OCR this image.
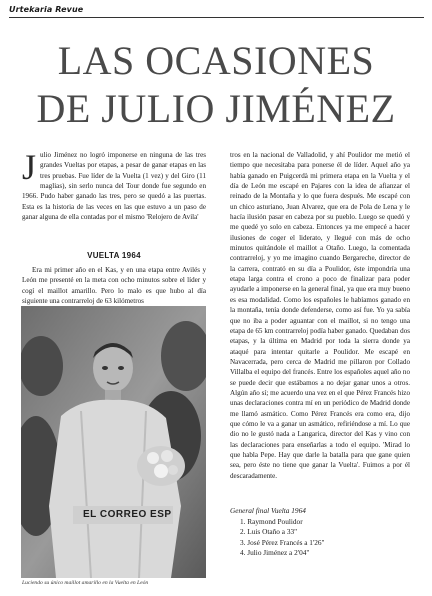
Urtekaria Revue
LAS OCASIONES
DE JULIO JIMÉNEZ
Julio Jiménez no logró imponerse en ninguna de las tres grandes Vueltas por etapas, a pesar de ganar etapas en las tres pruebas. Fue líder de la Vuelta (1 vez) y del Giro (11 maglias), sin serlo nunca del Tour donde fue segundo en 1966. Pudo haber ganado las tres, pero se quedó a las puertas. Esta es la historia de las veces en las que estuvo a un paso de ganar alguna de ella contadas por el mismo 'Relojero de Avila'
VUELTA 1964

Era mi primer año en el Kas, y en una etapa entre Avilés y León me presenté en la meta con ocho minutos sobre el líder y cogí el maillot amarillo. Pero lo malo es que hubo al día siguiente una contrarreloj de 63 kilómetros

EL CORREO ESP
Luciendo su único maillot amarillo en la Vuelta en León

tros en la nacional de Valladolid, y ahí Poulidor me metió el tiempo que necesitaba para ponerse él de líder. Aquel año ya había ganado en Puigcerdà mi primera etapa en la Vuelta y el día de León me escapé en Pajares con la idea de afianzar el reinado de la Montaña y lo que fuera después. Me escapé con un chico asturiano, Juan Alvarez, que era de Pola de Lena y le hacía ilusión pasar en cabeza por su pueblo. Luego se quedó y me quedé yo solo en cabeza. Entonces ya me empecé a hacer ilusiones de coger el liderato, y llegué con más de ocho minutos quitándole el maillot a Otaño. Luego, la comentada contrarreloj, y yo me imagino cuando Bergareche, director de la carrera, contrató en su día a Poulidor, éste impondría una etapa larga contra el crono a poco de finalizar para poder ayudarle a imponerse en la general final, ya que era muy bueno es esa modalidad. Como los españoles le habíamos ganado en la montaña, tenía donde defenderse, como así fue. Yo ya sabía que no iba a poder aguantar con el maillot, si no tengo una etapa de 65 km contrarreloj podía haber ganado. Quedaban dos etapas, y la última en Madrid por toda la sierra donde ya ataqué para intentar quitarle a Poulidor. Me escapé en Navacerrada, pero cerca de Madrid me pillaron por Collado Villalba el equipo del francés. Entre los españoles aquel año no se puede decir que estábamos a no dejar ganar unos a otros. Algún año sí; me acuerdo una vez en el que Pérez Francés hizo unas declaraciones contra mí en un periódico de Madrid donde me llamó asmático. Como Pérez Francés era como era, dijo que cómo le va a ganar un asmático, refiriéndose a mí. Lo que dio no le gustó nada a Langarica, director del Kas y vino con las declaraciones para enseñarlas a todo el equipo. 'Mirad lo que habla Pepe. Hay que darle la batalla para que gane quien sea, pero éste no tiene que ganar la Vuelta'. Fuimos a por él descaradamente.

General final Vuelta 1964
1. Raymond Poulidor
2. Luis Otaño a 33"
3. José Pérez Francés a 1'26"
4. Julio Jiménez a 2'04"
